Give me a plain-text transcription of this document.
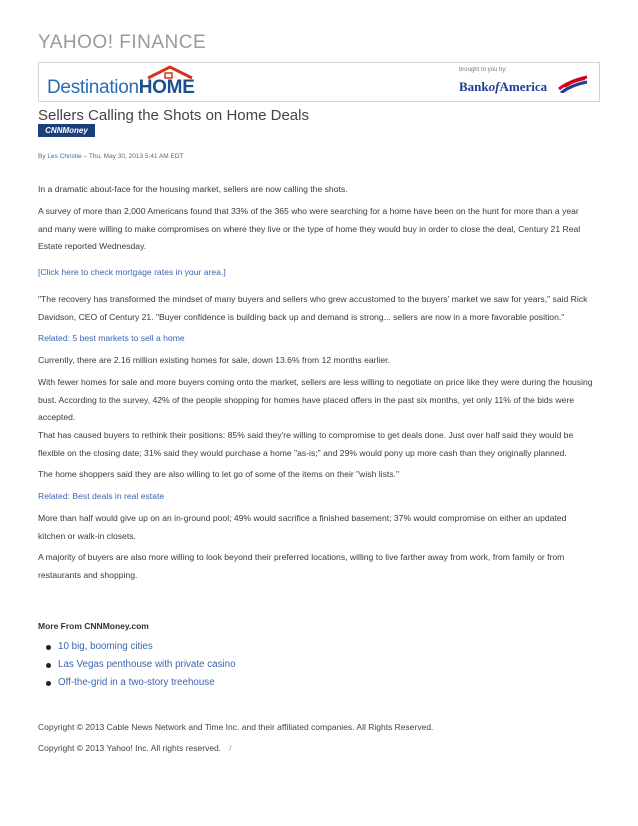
YAHOO! FINANCE
DestinationHOME
brought to you by:
BankofAmerica
Sellers Calling the Shots on Home Deals
CNNMoney
By Les Christie – Thu, May 30, 2013 5:41 AM EDT

In a dramatic about-face for the housing market, sellers are now calling the shots.

A survey of more than 2,000 Americans found that 33% of the 365 who were searching for a home have been on the hunt for more than a year and many were willing to make compromises on where they live or the type of home they would buy in order to close the deal, Century 21 Real Estate reported Wednesday.

[Click here to check mortgage rates in your area.]

"The recovery has transformed the mindset of many buyers and sellers who grew accustomed to the buyers' market we saw for years," said Rick Davidson, CEO of Century 21. "Buyer confidence is building back up and demand is strong... sellers are now in a more favorable position."

Related: 5 best markets to sell a home

Currently, there are 2.16 million existing homes for sale, down 13.6% from 12 months earlier.

With fewer homes for sale and more buyers coming onto the market, sellers are less willing to negotiate on price like they were during the housing bust. According to the survey, 42% of the people shopping for homes have placed offers in the past six months, yet only 11% of the bids were accepted.

That has caused buyers to rethink their positions: 85% said they're willing to compromise to get deals done. Just over half said they would be flexible on the closing date; 31% said they would purchase a home "as-is;" and 29% would pony up more cash than they originally planned.

The home shoppers said they are also willing to let go of some of the items on their "wish lists."

Related: Best deals in real estate

More than half would give up on an in-ground pool; 49% would sacrifice a finished basement; 37% would compromise on either an updated kitchen or walk-in closets.

A majority of buyers are also more willing to look beyond their preferred locations, willing to live farther away from work, from family or from restaurants and shopping.

More From CNNMoney.com
10 big, booming cities
Las Vegas penthouse with private casino
Off-the-grid in a two-story treehouse
Copyright © 2013 Cable News Network and Time Inc. and their affiliated companies. All Rights Reserved.
Copyright © 2013 Yahoo! Inc. All rights reserved. /
